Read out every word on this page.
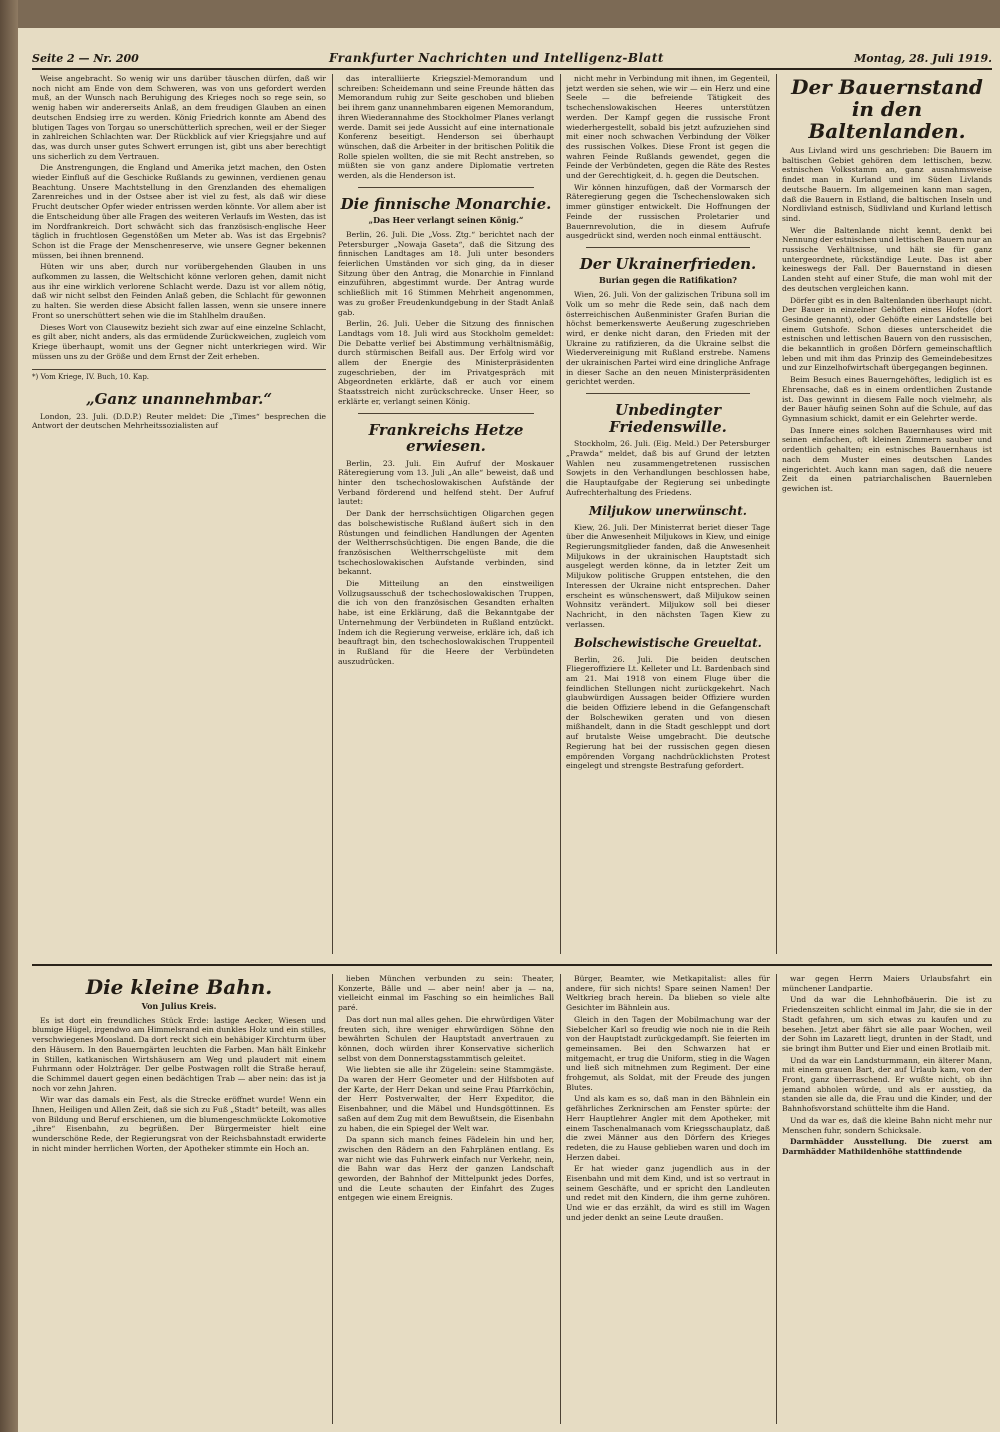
Seite 2 — Nr. 200	Frankfurter Nachrichten und Intelligenz-Blatt	Montag, 28. Juli 1919.

Weise angebracht. So wenig wir uns darüber täuschen dürfen, daß wir noch nicht am Ende von dem Schweren, was von uns gefordert werden muß, an der Wunsch nach Beruhigung des Krieges noch so rege sein, so wenig haben wir andererseits Anlaß, an dem freudigen Glauben an einen deutschen Endsieg irre zu werden. König Friedrich konnte am Abend des blutigen Tages von Torgau so unerschütterlich sprechen, weil er der Sieger in zahlreichen Schlachten war. Der Rückblick auf vier Kriegsjahre und auf das, was durch unser gutes Schwert errungen ist, gibt uns aber berechtigt uns sicherlich zu dem Vertrauen.

Die Anstrengungen, die England und Amerika jetzt machen, den Osten wieder Einfluß auf die Geschicke Rußlands zu gewinnen, verdienen genau Beachtung. Unsere Machtstellung in den Grenzlanden des ehemaligen Zarenreiches und in der Ostsee aber ist viel zu fest, als daß wir diese Frucht deutscher Opfer wieder entrissen werden könnte. Vor allem aber ist die Entscheidung über alle Fragen des weiteren Verlaufs im Westen, das ist im Nordfrankreich. Dort schwächt sich das französisch-englische Heer täglich in fruchtlosen Gegenstößen um Meter ab. Was ist das Ergebnis? Schon ist die Frage der Menschenreserve, wie unsere Gegner bekennen müssen, bei ihnen brennend.

Hüten wir uns aber, durch nur vorübergehenden Glauben in uns aufkommen zu lassen, die Weltschicht könne verloren gehen, damit nicht aus ihr eine wirklich verlorene Schlacht werde. Dazu ist vor allem nötig, daß wir nicht selbst den Feinden Anlaß geben, die Schlacht für gewonnen zu halten. Sie werden diese Absicht fallen lassen, wenn sie unsere innere Front so unerschüttert sehen wie die im Stahlhelm draußen.

Dieses Wort von Clausewitz bezieht sich zwar auf eine einzelne Schlacht, es gilt aber, nicht anders, als das ermüdende Zurückweichen, zugleich vom Kriege überhaupt, womit uns der Gegner nicht unterkriegen wird. Wir müssen uns zu der Größe und dem Ernst der Zeit erheben.

*) Vom Kriege, IV. Buch, 10. Kap.
„Ganz unannehmbar.“

London, 23. Juli. (D.D.P.) Reuter meldet: Die „Times“ besprechen die Antwort der deutschen Mehrheitssozialisten auf

das interalliierte Kriegsziel-Memorandum und schreiben: Scheidemann und seine Freunde hätten das Memorandum ruhig zur Seite geschoben und blieben bei ihrem ganz unannehmbaren eigenen Memorandum, ihren Wiederannahme des Stockholmer Planes verlangt werde. Damit sei jede Aussicht auf eine internationale Konferenz beseitigt. Henderson sei überhaupt wünschen, daß die Arbeiter in der britischen Politik die Rolle spielen wollten, die sie mit Recht anstreben, so müßten sie von ganz andere Diplomatie vertreten werden, als die Henderson ist.

Die finnische Monarchie.
„Das Heer verlangt seinen König.“

Berlin, 26. Juli. Die „Voss. Ztg.“ berichtet nach der Petersburger „Nowaja Gaseta“, daß die Sitzung des finnischen Landtages am 18. Juli unter besonders feierlichen Umständen vor sich ging, da in dieser Sitzung über den Antrag, die Monarchie in Finnland einzuführen, abgestimmt wurde. Der Antrag wurde schließlich mit 16 Stimmen Mehrheit angenommen, was zu großer Freudenkundgebung in der Stadt Anlaß gab.

Berlin, 26. Juli. Ueber die Sitzung des finnischen Landtags vom 18. Juli wird aus Stockholm gemeldet: Die Debatte verlief bei Abstimmung verhältnismäßig, durch stürmischen Beifall aus. Der Erfolg wird vor allem der Energie des Ministerpräsidenten zugeschrieben, der im Privatgespräch mit Abgeordneten erklärte, daß er auch vor einem Staatsstreich nicht zurückschrecke. Unser Heer, so erklärte er, verlangt seinen König.

Frankreichs Hetze erwiesen.

Berlin, 23. Juli. Ein Aufruf der Moskauer Räteregierung vom 13. Juli „An alle“ beweist, daß und hinter den tschechoslowakischen Aufstände der Verband förderend und helfend steht. Der Aufruf lautet:

Der Dank der herrschsüchtigen Oligarchen gegen das bolschewistische Rußland äußert sich in den Rüstungen und feindlichen Handlungen der Agenten der Weltherrschsüchtigen. Die engen Bande, die die französischen Weltherrschgelüste mit dem tschechoslowakischen Aufstande verbinden, sind bekannt.

Die Mitteilung an den einstweiligen Vollzugsausschuß der tschechoslowakischen Truppen, die ich von den französischen Gesandten erhalten habe, ist eine Erklärung, daß die Bekanntgabe der Unternehmung der Verbündeten in Rußland entzückt. Indem ich die Regierung verweise, erkläre ich, daß ich beauftragt bin, den tschechoslowakischen Truppenteil in Rußland für die Heere der Verbündeten auszudrücken.

nicht mehr in Verbindung mit ihnen, im Gegenteil, jetzt werden sie sehen, wie wir — ein Herz und eine Seele — die befreiende Tätigkeit des tschechenslowakischen Heeres unterstützen werden. Der Kampf gegen die russische Front wiederhergestellt, sobald bis jetzt aufzuziehen sind mit einer noch schwachen Verbindung der Völker des russischen Volkes. Diese Front ist gegen die wahren Feinde Rußlands gewendet, gegen die Feinde der Verbündeten, gegen die Räte des Restes und der Gerechtigkeit, d. h. gegen die Deutschen.

Wir können hinzufügen, daß der Vormarsch der Räteregierung gegen die Tschechenslowaken sich immer günstiger entwickelt. Die Hoffnungen der Feinde der russischen Proletarier und Bauernrevolution, die in diesem Aufrufe ausgedrückt sind, werden noch einmal enttäuscht.

Der Ukrainerfrieden.
Burian gegen die Ratifikation?

Wien, 26. Juli. Von der galizischen Tribuna soll im Volk um so mehr die Rede sein, daß nach dem österreichischen Außenminister Grafen Burian die höchst bemerkenswerte Aeußerung zugeschrieben wird, er denke nicht daran, den Frieden mit der Ukraine zu ratifizieren, da die Ukraine selbst die Wiedervereinigung mit Rußland erstrebe. Namens der ukrainischen Partei wird eine dringliche Anfrage in dieser Sache an den neuen Ministerpräsidenten gerichtet werden.

Unbedingter Friedenswille.

Stockholm, 26. Juli. (Eig. Meld.) Der Petersburger „Prawda“ meldet, daß bis auf Grund der letzten Wahlen neu zusammengetretenen russischen Sowjets in den Verhandlungen beschlossen habe, die Hauptaufgabe der Regierung sei unbedingte Aufrechterhaltung des Friedens.

Miljukow unerwünscht.

Kiew, 26. Juli. Der Ministerrat beriet dieser Tage über die Anwesenheit Miljukows in Kiew, und einige Regierungsmitglieder fanden, daß die Anwesenheit Miljukows in der ukrainischen Hauptstadt sich ausgelegt werden könne, da in letzter Zeit um Miljukow politische Gruppen entstehen, die den Interessen der Ukraine nicht entsprechen. Daher erscheint es wünschenswert, daß Miljukow seinen Wohnsitz verändert. Miljukow soll bei dieser Nachricht, in den nächsten Tagen Kiew zu verlassen.

Bolschewistische Greueltat.

Berlin, 26. Juli. Die beiden deutschen Fliegeroffiziere Lt. Kelleter und Lt. Bardenbach sind am 21. Mai 1918 von einem Fluge über die feindlichen Stellungen nicht zurückgekehrt. Nach glaubwürdigen Aussagen beider Offiziere wurden die beiden Offiziere lebend in die Gefangenschaft der Bolschewiken geraten und von diesen mißhandelt, dann in die Stadt geschleppt und dort auf brutalste Weise umgebracht. Die deutsche Regierung hat bei der russischen gegen diesen empörenden Vorgang nachdrücklichsten Protest eingelegt und strengste Bestrafung gefordert.

Der Bauernstand in den Baltenlanden.

Aus Livland wird uns geschrieben: Die Bauern im baltischen Gebiet gehören dem lettischen, bezw. estnischen Volksstamm an, ganz ausnahmsweise findet man in Kurland und im Süden Livlands deutsche Bauern. Im allgemeinen kann man sagen, daß die Bauern in Estland, die baltischen Inseln und Nordlivland estnisch, Südlivland und Kurland lettisch sind.

Wer die Baltenlande nicht kennt, denkt bei Nennung der estnischen und lettischen Bauern nur an russische Verhältnisse, und hält sie für ganz untergeordnete, rückständige Leute. Das ist aber keineswegs der Fall. Der Bauernstand in diesen Landen steht auf einer Stufe, die man wohl mit der des deutschen vergleichen kann.

Dörfer gibt es in den Baltenlanden überhaupt nicht. Der Bauer in einzelner Gehöften eines Hofes (dort Gesinde genannt), oder Gehöfte einer Landstelle bei einem Gutshofe. Schon dieses unterscheidet die estnischen und lettischen Bauern von den russischen, die bekanntlich in großen Dörfern gemeinschaftlich leben und mit ihm das Prinzip des Gemeindebesitzes und zur Einzelhofwirtschaft übergegangen beginnen.

Beim Besuch eines Bauerngehöftes, lediglich ist es Ehrensache, daß es in einem ordentlichen Zustande ist. Das gewinnt in diesem Falle noch vielmehr, als der Bauer häufig seinen Sohn auf die Schule, auf das Gymnasium schickt, damit er ein Gelehrter werde.

Das Innere eines solchen Bauernhauses wird mit seinen einfachen, oft kleinen Zimmern sauber und ordentlich gehalten; ein estnisches Bauernhaus ist nach dem Muster eines deutschen Landes eingerichtet. Auch kann man sagen, daß die neuere Zeit da einen patriarchalischen Bauernleben gewichen ist.

Die kleine Bahn.
Von Julius Kreis.

Es ist dort ein freundliches Stück Erde: lastige Aecker, Wiesen und blumige Hügel, irgendwo am Himmelsrand ein dunkles Holz und ein stilles, verschwiegenes Moosland. Da dort reckt sich ein behäbiger Kirchturm über den Häusern. In den Bauerngärten leuchten die Farben. Man hält Einkehr in Stillen, katkanischen Wirtshäusern am Weg und plaudert mit einem Fuhrmann oder Holzträger. Der gelbe Postwagen rollt die Straße herauf, die Schimmel dauert gegen einen bedächtigen Trab — aber nein: das ist ja noch vor zehn Jahren.

Wir war das damals ein Fest, als die Strecke eröffnet wurde! Wenn ein Ihnen, Heiligen und Allen Zeit, daß sie sich zu Fuß „Stadt“ beteilt, was alles von Bildung und Beruf erschienen, um die blumengeschmückte Lokomotive „ihre“ Eisenbahn, zu begrüßen. Der Bürgermeister hielt eine wunderschöne Rede, der Regierungsrat von der Reichsbahnstadt erwiderte in nicht minder herrlichen Worten, der Apotheker stimmte ein Hoch an.

lieben München verbunden zu sein: Theater, Konzerte, Bälle und — aber nein! aber ja — na, vielleicht einmal im Fasching so ein heimliches Ball paré.

Das dort nun mal alles gehen. Die ehrwürdigen Väter freuten sich, ihre weniger ehrwürdigen Söhne den bewährten Schulen der Hauptstadt anvertrauen zu können, doch würden ihrer Konservative sicherlich selbst von dem Donnerstagsstammtisch geleitet.

Wie liebten sie alle ihr Zügelein: seine Stammgäste. Da waren der Herr Geometer und der Hilfsboten auf der Karte, der Herr Dekan und seine Frau Pfarrköchin, der Herr Postverwalter, der Herr Expeditor, die Eisenbahner, und die Mäbel und Hundsgöttinnen. Es saßen auf dem Zug mit dem Bewußtsein, die Eisenbahn zu haben, die ein Spiegel der Welt war.

Da spann sich manch feines Fädelein hin und her, zwischen den Rädern an den Fahrplänen entlang. Es war nicht wie das Fuhrwerk einfach nur Verkehr, nein, die Bahn war das Herz der ganzen Landschaft geworden, der Bahnhof der Mittelpunkt jedes Dorfes, und die Leute schauten der Einfahrt des Zuges entgegen wie einem Ereignis.

Bürger, Beamter, wie Metkapitalist: alles für andere, für sich nichts! Spare seinen Namen! Der Weltkrieg brach herein. Da blieben so viele alte Gesichter im Bähnlein aus.

Gleich in den Tagen der Mobilmachung war der Siebelcher Karl so freudig wie noch nie in die Reih von der Hauptstadt zurückgedampft. Sie feierten im gemeinsamen. Bei den Schwarzen hat er mitgemacht, er trug die Uniform, stieg in die Wagen und ließ sich mitnehmen zum Regiment. Der eine frohgemut, als Soldat, mit der Freude des jungen Blutes.

Und als kam es so, daß man in den Bähnlein ein gefährliches Zerknirschen am Fenster spürte: der Herr Hauptlehrer Angler mit dem Apotheker, mit einem Taschenalmanach vom Kriegsschauplatz, daß die zwei Männer aus den Dörfern des Krieges redeten, die zu Hause geblieben waren und doch im Herzen dabei.

Er hat wieder ganz jugendlich aus in der Eisenbahn und mit dem Kind, und ist so vertraut in seinem Geschäfte, und er spricht den Landleuten und redet mit den Kindern, die ihm gerne zuhören. Und wie er das erzählt, da wird es still im Wagen und jeder denkt an seine Leute draußen.

war gegen Herrn Maiers Urlaubsfahrt ein münchener Landpartie.

Und da war die Lehnhofbäuerin. Die ist zu Friedenszeiten schlicht einmal im Jahr, die sie in der Stadt gefahren, um sich etwas zu kaufen und zu besehen. Jetzt aber fährt sie alle paar Wochen, weil der Sohn im Lazarett liegt, drunten in der Stadt, und sie bringt ihm Butter und Eier und einen Brotlaib mit.

Und da war ein Landsturmmann, ein älterer Mann, mit einem grauen Bart, der auf Urlaub kam, von der Front, ganz überraschend. Er wußte nicht, ob ihn jemand abholen würde, und als er ausstieg, da standen sie alle da, die Frau und die Kinder, und der Bahnhofsvorstand schüttelte ihm die Hand.

Und da war es, daß die kleine Bahn nicht mehr nur Menschen fuhr, sondern Schicksale.

Darmhädder Ausstellung. Die zuerst am Darmhädder Mathildenhöhe stattfindende
